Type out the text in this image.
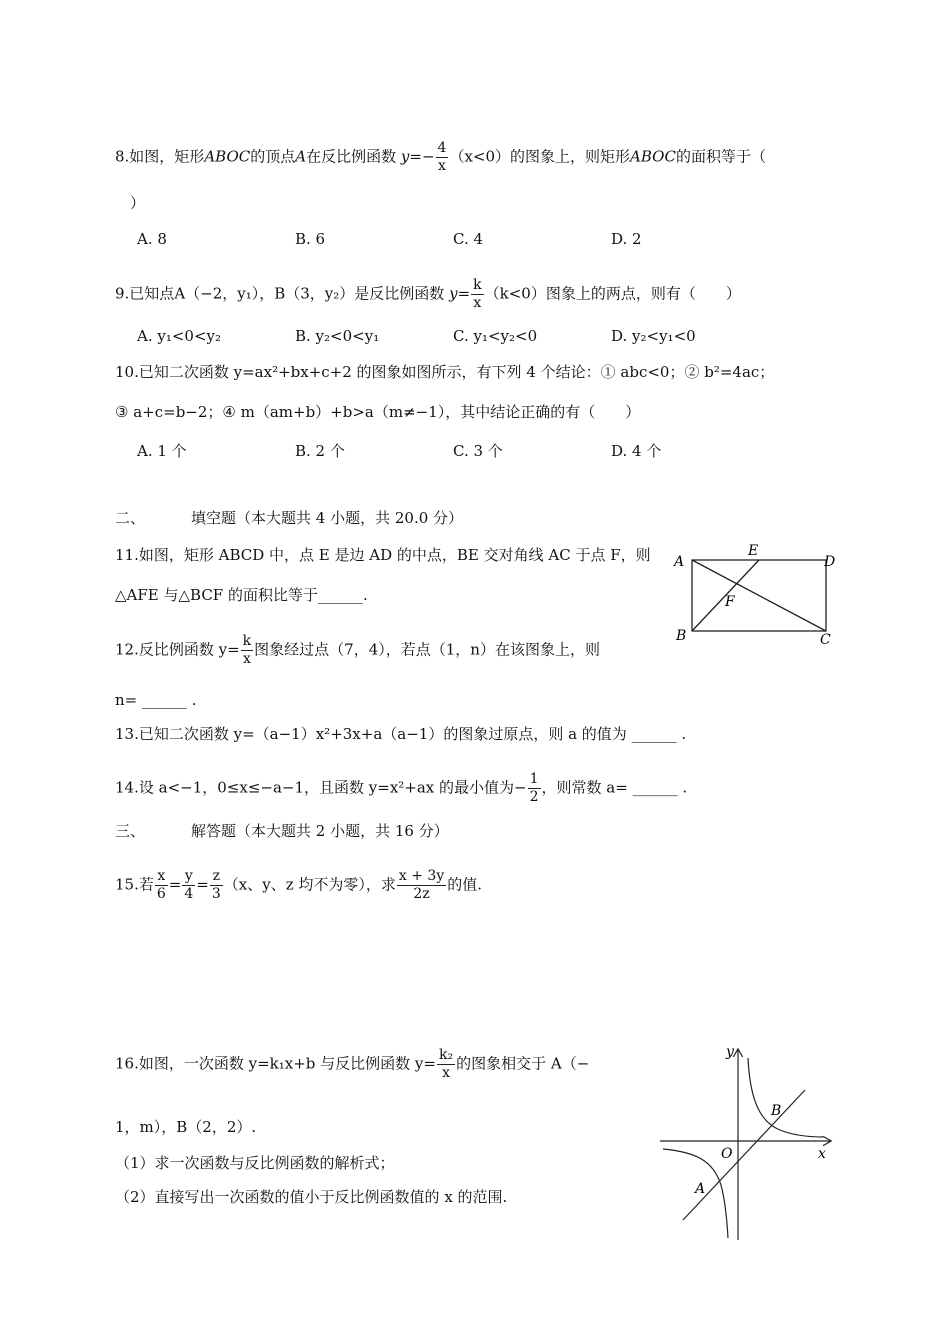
8.如图，矩形ABOC的顶点A在反比例函数 $y=- \frac{4}{x} (x<0)$的图象上，则矩形ABOC的面积等于（
）
A. 8	B. 6	C. 4	D. 2
9.已知点A（−2，y₁），B（3，y₂）是反比例函数 $y= \frac{k}{x} (k<0)$图象上的两点，则有（　　）
A. y₁<0<y₂	B. y₂<0<y₁	C. y₁<y₂<0	D. y₂<y₁<0
10.已知二次函数 y=ax²+bx+c+2 的图象如图所示，有下列 4 个结论：① abc<0；② b²=4ac；
③ a+c=b−2；④ m（am+b）+b>a（m≠−1），其中结论正确的有（　　）
A. 1 个	B. 2 个	C. 3 个	D. 4 个
二、	填空题（本大题共 4 小题，共 20.0 分）
11.如图，矩形 ABCD 中，点 E 是边 AD 的中点，BE 交对角线 AC 于点 F，则
△AFE 与△BCF 的面积比等于______.
A
E
D
F
B	C
12.反比例函数 $y= \frac{k}{x}$ 图象经过点（7，4），若点（1，n）在该图象上，则
n= ______ .
13.已知二次函数 y=（a−1）x²+3x+a（a−1）的图象过原点，则 a 的值为 ______ .
14.设 a<−1，0≤x≤−a−1，且函数 y=x²+ax 的最小值为− $\frac{1}{2}$ ，则常数 a= ______ .
三、	解答题（本大题共 2 小题，共 16 分）
15.若 $\frac{x}{6} = \frac{y}{4} = \frac{z}{3} (x$、y、z 均不为零），求 $\frac{x + 3y}{2z}$ 的值.
16.如图，一次函数 y=k₁x+b 与反比例函数 $y= \frac{\text{k₂}}{x}$ 的图象相交于 A（−
1，m），B（2，2）.
（1）求一次函数与反比例函数的解析式；
（2）直接写出一次函数的值小于反比例函数值的 x 的范围.
y
x
O
A
B
